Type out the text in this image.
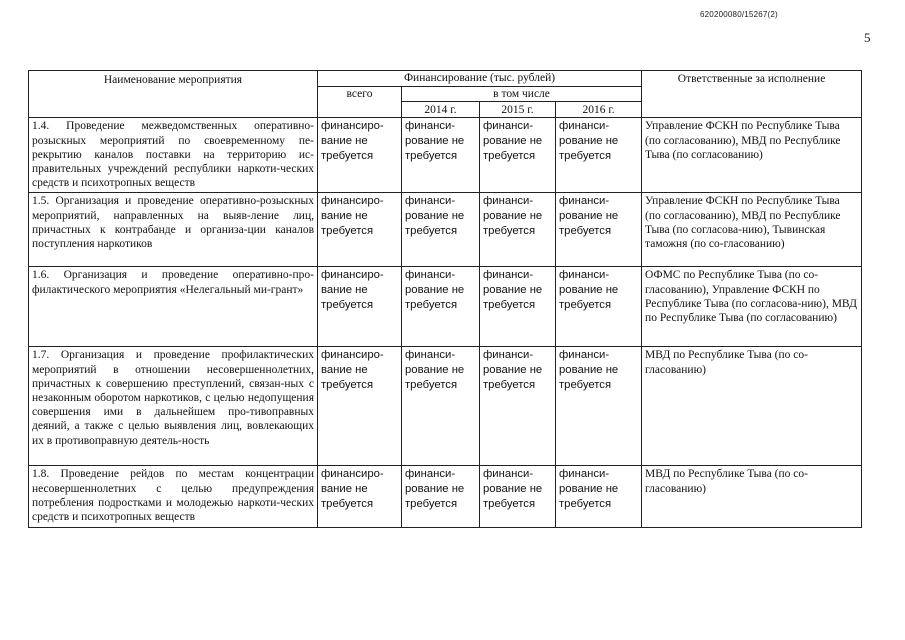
620200080/15267(2)
5
Наименование мероприятия	Финансирование (тыс. рублей)				Ответственные за исполнение
	всего	в том числе			
		2014 г.	2015 г.	2016 г.	
1.4. Проведение межведомственных оперативно-розыскных мероприятий по своевременному пе-рекрытию каналов поставки на территорию ис-правительных учреждений республики наркоти-ческих средств и психотропных веществ	финансиро-вание не требуется	финанси-рование не требуется	финанси-рование не требуется	финанси-рование не требуется	Управление ФСКН по Республике Тыва (по согласованию), МВД по Республике Тыва (по согласованию)
1.5. Организация и проведение оперативно-розыскных мероприятий, направленных на выяв-ление лиц, причастных к контрабанде и организа-ции каналов поступления наркотиков	финансиро-вание не требуется	финанси-рование не требуется	финанси-рование не требуется	финанси-рование не требуется	Управление ФСКН по Республике Тыва (по согласованию), МВД по Республике Тыва (по согласова-нию), Тывинская таможня (по со-гласованию)
1.6. Организация и проведение оперативно-про-филактического мероприятия «Нелегальный ми-грант»	финансиро-вание не требуется	финанси-рование не требуется	финанси-рование не требуется	финанси-рование не требуется	ОФМС по Республике Тыва (по со-гласованию), Управление ФСКН по Республике Тыва (по согласова-нию), МВД по Республике Тыва (по согласованию)
1.7. Организация и проведение профилактических мероприятий в отношении несовершеннолетних, причастных к совершению преступлений, связан-ных с незаконным оборотом наркотиков, с целью недопущения совершения ими в дальнейшем про-тивоправных деяний, а также с целью выявления лиц, вовлекающих их в противоправную деятель-ность	финансиро-вание не требуется	финанси-рование не требуется	финанси-рование не требуется	финанси-рование не требуется	МВД по Республике Тыва (по со-гласованию)
1.8. Проведение рейдов по местам концентрации несовершеннолетних с целью предупреждения потребления подростками и молодежью наркоти-ческих средств и психотропных веществ	финансиро-вание не требуется	финанси-рование не требуется	финанси-рование не требуется	финанси-рование не требуется	МВД по Республике Тыва (по со-гласованию)
